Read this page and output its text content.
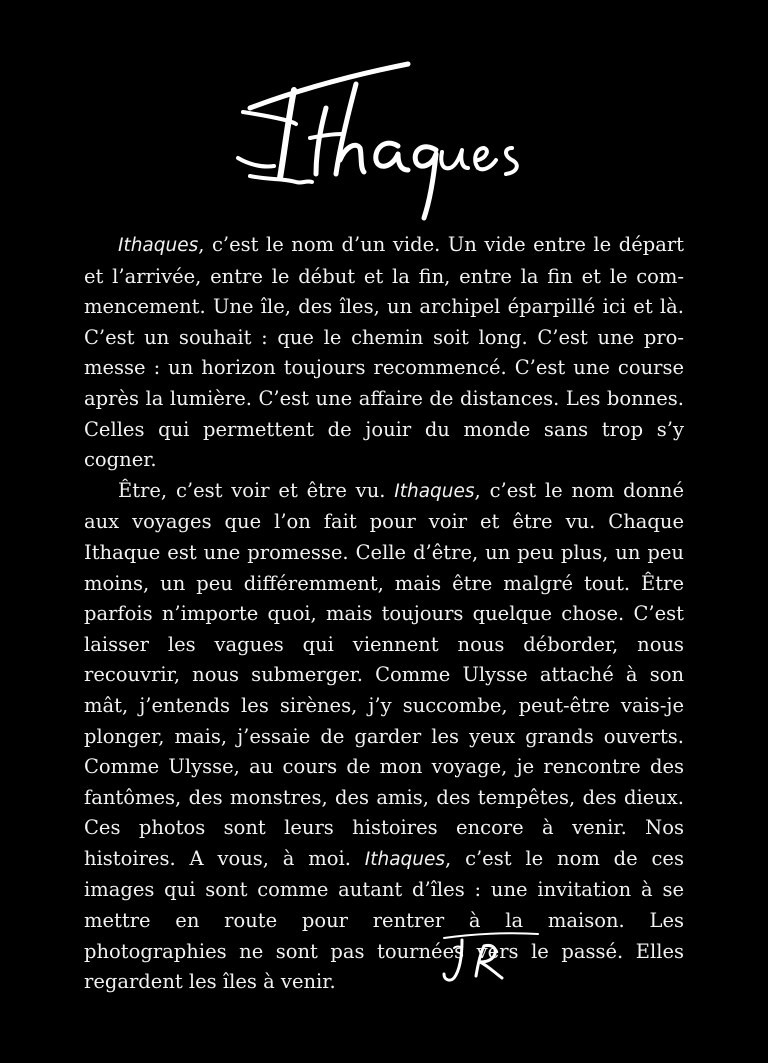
Ithaques, c’est le nom d’un vide. Un vide entre le départ et l’arrivée, entre le début et la fin, entre la fin et le commencement. Une île, des îles, un archipel éparpillé ici et là. C’est un souhait : que le chemin soit long. C’est une promesse : un horizon toujours recommencé. C’est une course après la lumière. C’est une affaire de distances. Les bonnes. Celles qui permettent de jouir du monde sans trop s’y cogner.

Être, c’est voir et être vu. Ithaques, c’est le nom donné aux voyages que l’on fait pour voir et être vu. Chaque Ithaque est une promesse. Celle d’être, un peu plus, un peu moins, un peu différemment, mais être malgré tout. Être parfois n’importe quoi, mais toujours quelque chose. C’est laisser les vagues qui viennent nous déborder, nous recouvrir, nous submerger. Comme Ulysse attaché à son mât, j’entends les sirènes, j’y succombe, peut-être vais-je plonger, mais, j’essaie de garder les yeux grands ouverts. Comme Ulysse, au cours de mon voyage, je rencontre des fantômes, des monstres, des amis, des tempêtes, des dieux. Ces photos sont leurs histoires encore à venir. Nos histoires. A vous, à moi. Ithaques, c’est le nom de ces images qui sont comme autant d’îles : une invitation à se mettre en route pour rentrer à la maison. Les photographies ne sont pas tournées vers le passé. Elles regardent les îles à venir.
